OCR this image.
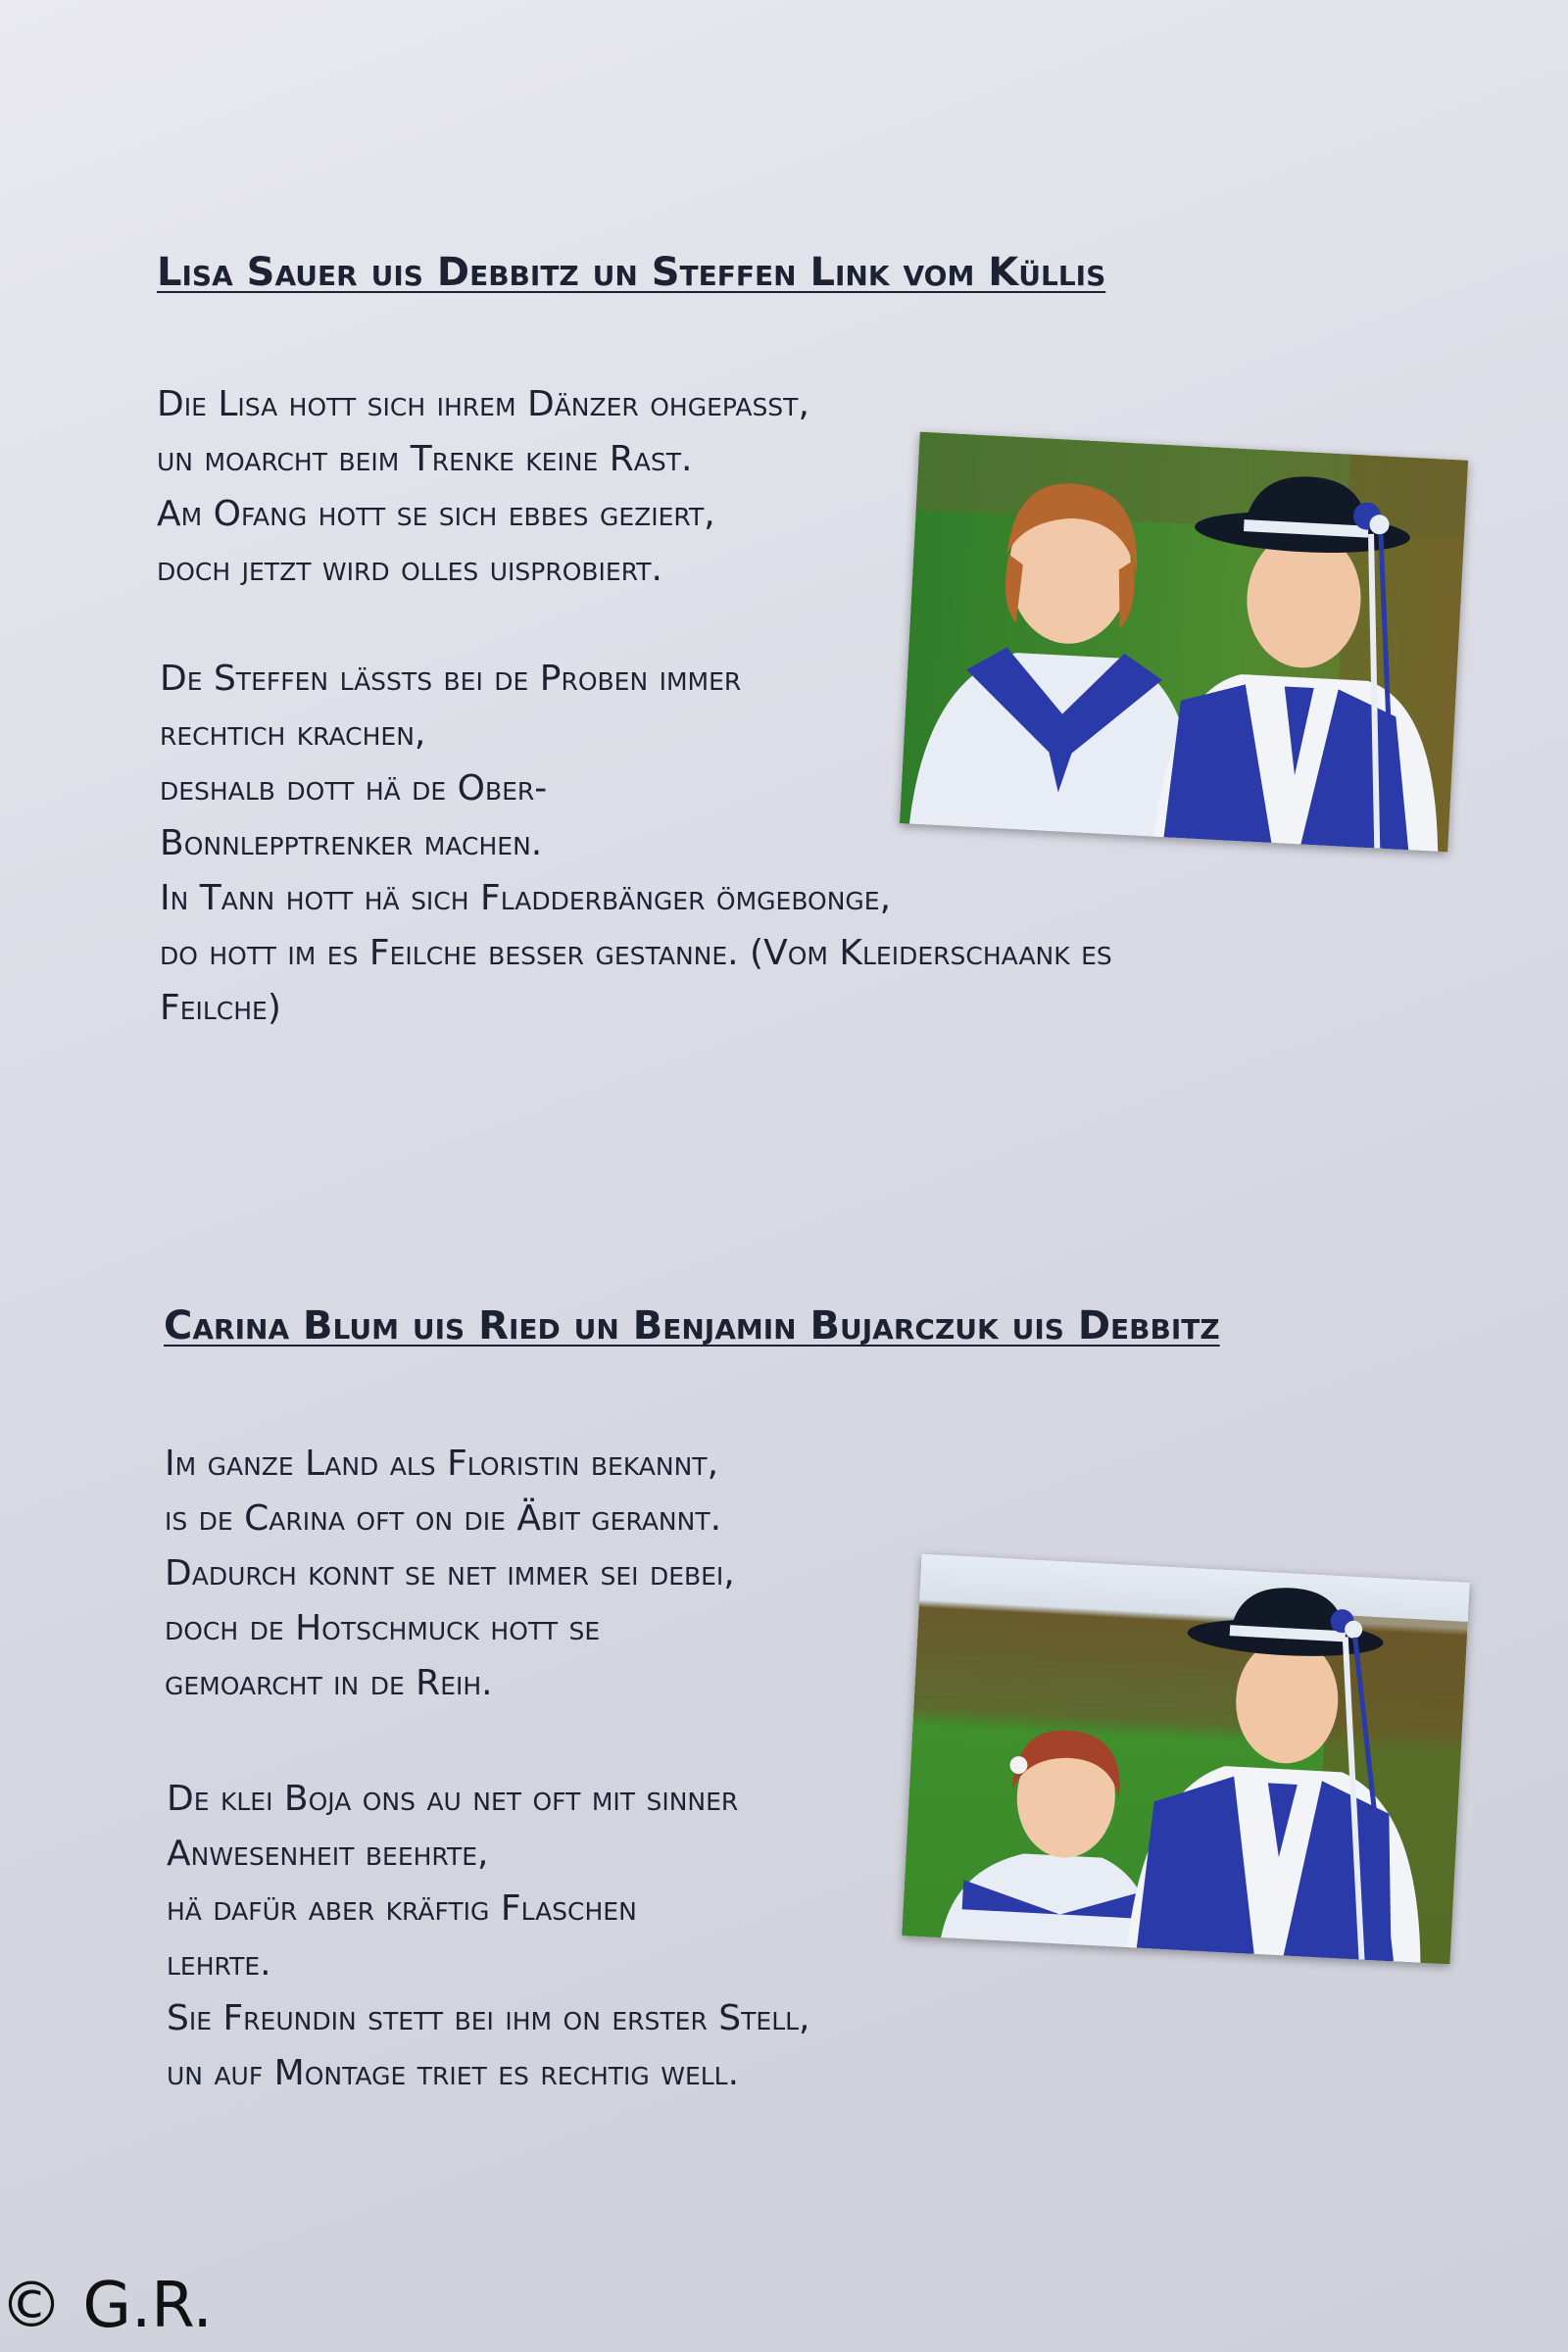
Lisa Sauer uis Debbitz un Steffen Link vom Küllis

Die Lisa hott sich ihrem Dänzer ohgepasst,
un moarcht beim Trenke keine Rast.
Am Ofang hott se sich ebbes geziert,
doch jetzt wird olles uisprobiert.

De Steffen lässts bei de Proben immer
rechtich krachen,
deshalb dott hä de Ober-
Bonnlepptrenker machen.
In Tann hott hä sich Fladderbänger ömgebonge,
do hott im es Feilche besser gestanne. (Vom Kleiderschaank es
Feilche)

Carina Blum uis Ried un Benjamin Bujarczuk uis Debbitz

Im ganze Land als Floristin bekannt,
is de Carina oft on die Äbit gerannt.
Dadurch konnt se net immer sei debei,
doch de Hotschmuck hott se
gemoarcht in de Reih.

De klei Boja ons au net oft mit sinner
Anwesenheit beehrte,
hä dafür aber kräftig Flaschen
lehrte.
Sie Freundin stett bei ihm on erster Stell,
un auf Montage triet es rechtig well.

© G.R.
